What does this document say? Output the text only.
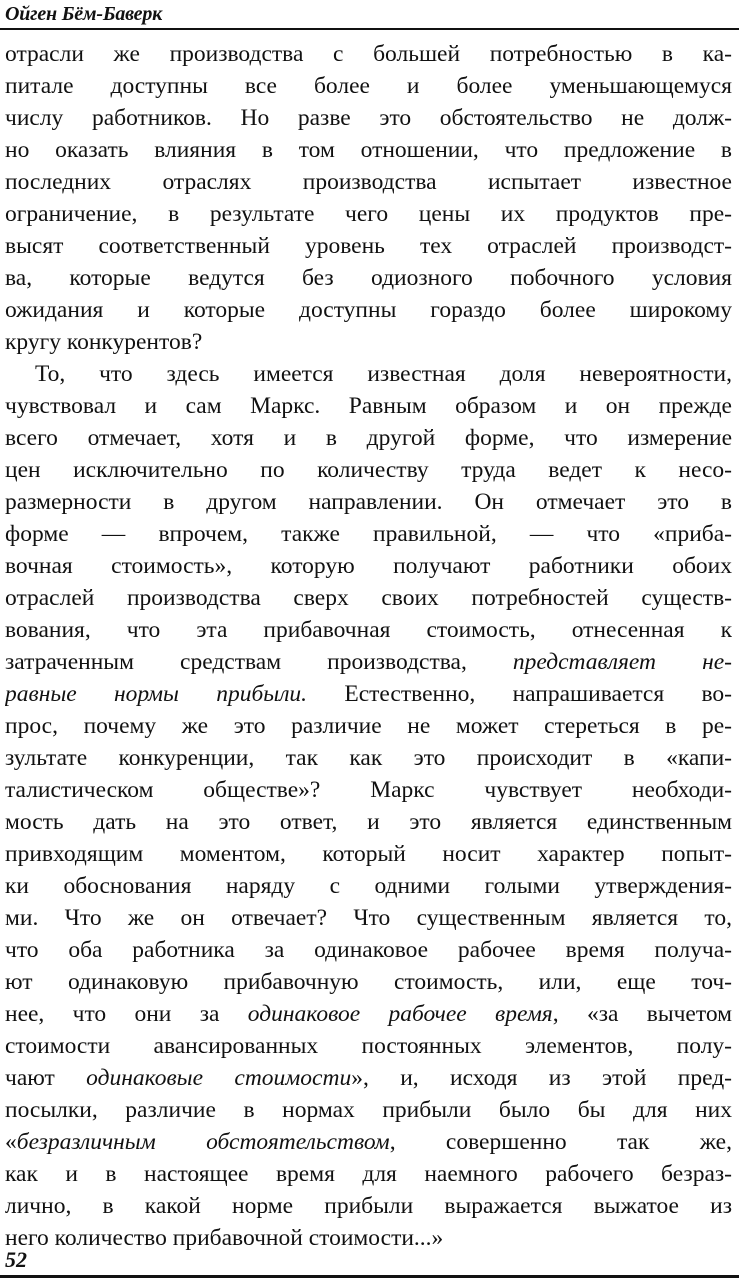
Ойген Бём-Баверк
отрасли же производства с большей потребностью в ка-
питале доступны все более и более уменьшающемуся
числу работников. Но разве это обстоятельство не долж-
но оказать влияния в том отношении, что предложение в
последних отраслях производства испытает известное
ограничение, в результате чего цены их продуктов пре-
высят соответственный уровень тех отраслей производст-
ва, которые ведутся без одиозного побочного условия
ожидания и которые доступны гораздо более широкому
кругу конкурентов?
То, что здесь имеется известная доля невероятности,
чувствовал и сам Маркс. Равным образом и он прежде
всего отмечает, хотя и в другой форме, что измерение
цен исключительно по количеству труда ведет к несо-
размерности в другом направлении. Он отмечает это в
форме — впрочем, также правильной, — что «приба-
вочная стоимость», которую получают работники обоих
отраслей производства сверх своих потребностей существ-
вования, что эта прибавочная стоимость, отнесенная к
затраченным средствам производства, представляет не-
равные нормы прибыли. Естественно, напрашивается во-
прос, почему же это различие не может стереться в ре-
зультате конкуренции, так как это происходит в «капи-
талистическом обществе»? Маркс чувствует необходи-
мость дать на это ответ, и это является единственным
привходящим моментом, который носит характер попыт-
ки обоснования наряду с одними голыми утверждения-
ми. Что же он отвечает? Что существенным является то,
что оба работника за одинаковое рабочее время получа-
ют одинаковую прибавочную стоимость, или, еще точ-
нее, что они за одинаковое рабочее время, «за вычетом
стоимости авансированных постоянных элементов, полу-
чают одинаковые стоимости», и, исходя из этой пред-
посылки, различие в нормах прибыли было бы для них
«безразличным обстоятельством, совершенно так же,
как и в настоящее время для наемного рабочего безраз-
лично, в какой норме прибыли выражается выжатое из
него количество прибавочной стоимости...»
52
